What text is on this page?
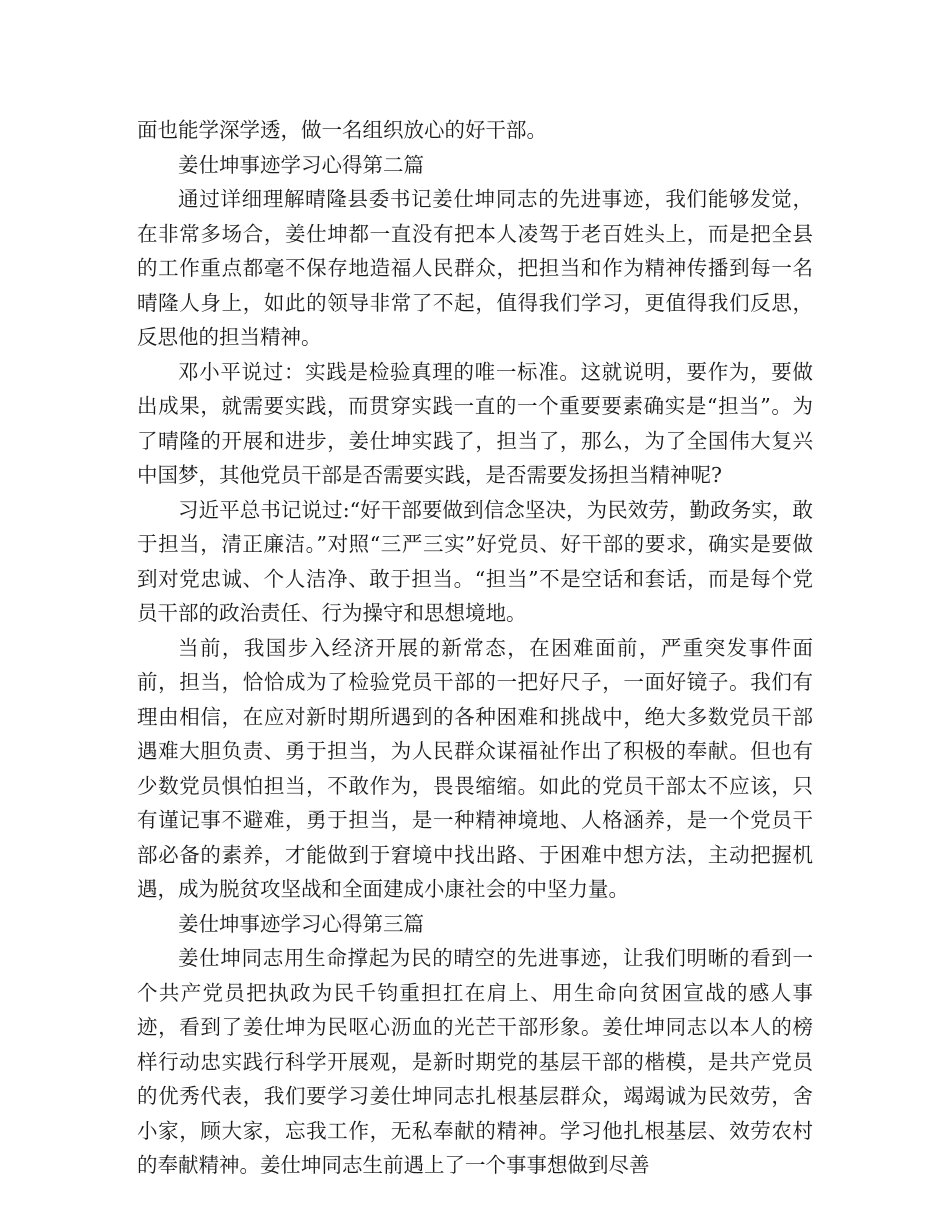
面也能学深学透，做一名组织放心的好干部。

姜仕坤事迹学习心得第二篇

通过详细理解晴隆县委书记姜仕坤同志的先进事迹，我们能够发觉，在非常多场合，姜仕坤都一直没有把本人凌驾于老百姓头上，而是把全县的工作重点都毫不保存地造福人民群众，把担当和作为精神传播到每一名晴隆人身上，如此的领导非常了不起，值得我们学习，更值得我们反思，反思他的担当精神。

邓小平说过：实践是检验真理的唯一标准。这就说明，要作为，要做出成果，就需要实践，而贯穿实践一直的一个重要要素确实是“担当”。为了晴隆的开展和进步，姜仕坤实践了，担当了，那么，为了全国伟大复兴中国梦，其他党员干部是否需要实践，是否需要发扬担当精神呢?

习近平总书记说过:“好干部要做到信念坚决，为民效劳，勤政务实，敢于担当，清正廉洁。”对照“三严三实”好党员、好干部的要求，确实是要做到对党忠诚、个人洁净、敢于担当。“担当”不是空话和套话，而是每个党员干部的政治责任、行为操守和思想境地。

当前，我国步入经济开展的新常态，在困难面前，严重突发事件面前，担当，恰恰成为了检验党员干部的一把好尺子，一面好镜子。我们有理由相信，在应对新时期所遇到的各种困难和挑战中，绝大多数党员干部遇难大胆负责、勇于担当，为人民群众谋福祉作出了积极的奉献。但也有少数党员惧怕担当，不敢作为，畏畏缩缩。如此的党员干部太不应该，只有谨记事不避难，勇于担当，是一种精神境地、人格涵养，是一个党员干部必备的素养，才能做到于窘境中找出路、于困难中想方法，主动把握机遇，成为脱贫攻坚战和全面建成小康社会的中坚力量。

姜仕坤事迹学习心得第三篇

姜仕坤同志用生命撑起为民的晴空的先进事迹，让我们明晰的看到一个共产党员把执政为民千钧重担扛在肩上、用生命向贫困宣战的感人事迹，看到了姜仕坤为民呕心沥血的光芒干部形象。姜仕坤同志以本人的榜样行动忠实践行科学开展观，是新时期党的基层干部的楷模，是共产党员的优秀代表，我们要学习姜仕坤同志扎根基层群众，竭竭诚为民效劳，舍小家，顾大家，忘我工作，无私奉献的精神。学习他扎根基层、效劳农村的奉献精神。姜仕坤同志生前遇上了一个事事想做到尽善
